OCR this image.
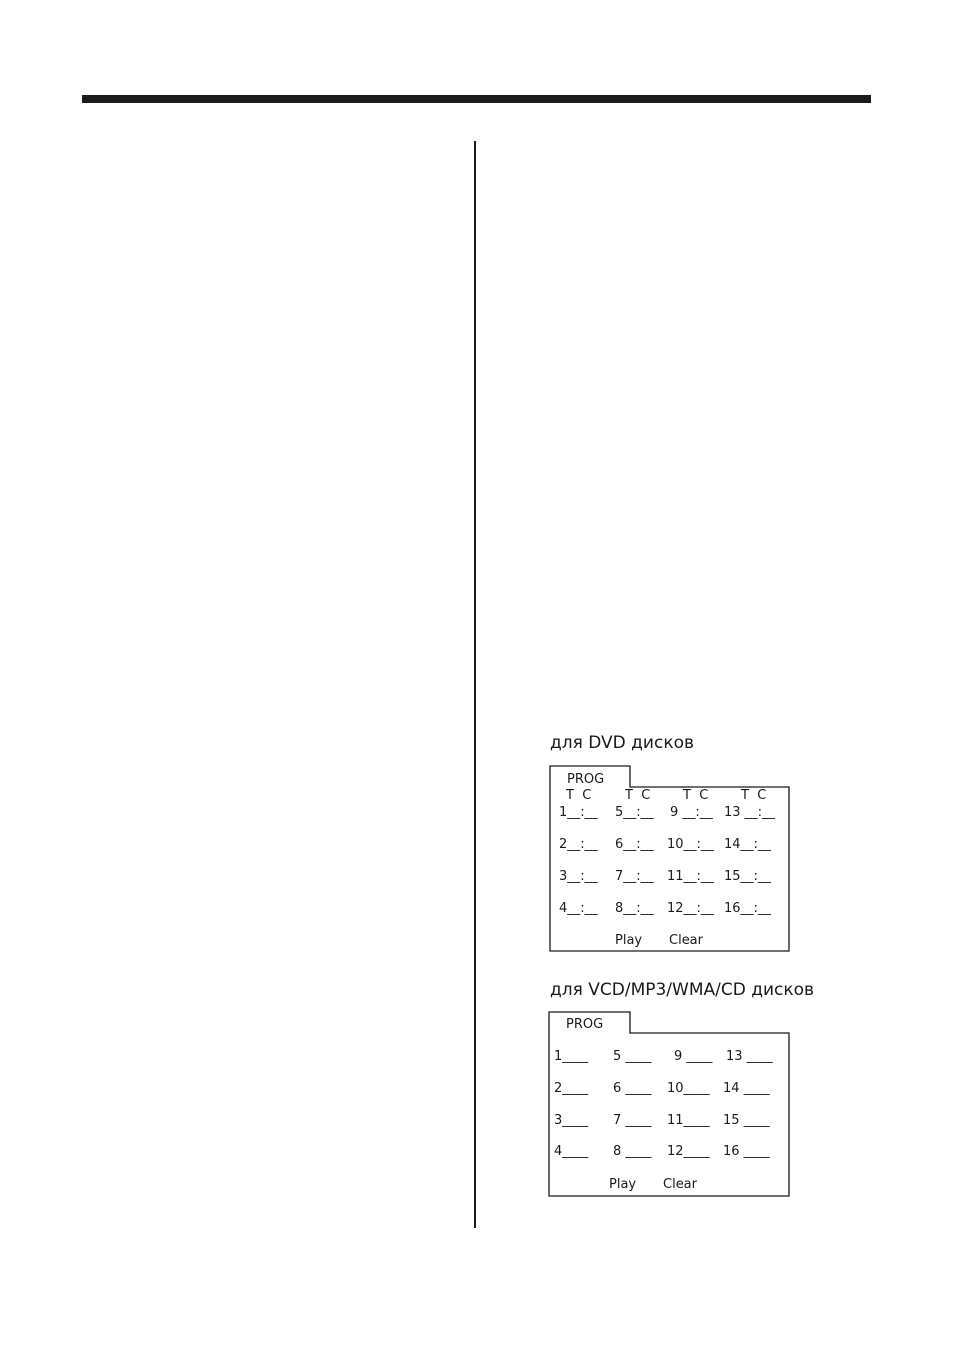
для DVD дисков
PROG
T  C	T  C	T  C	T  C
1__:__ 5__:__ 9 __:__ 13 __:__
2__:__ 6__:__ 10__:__ 14__:__
3__:__ 7__:__ 11__:__ 15__:__
4__:__ 8__:__ 12__:__ 16__:__
Play Clear
для VCD/MP3/WMA/CD дисков
PROG
1____ 5 ____ 9 ____ 13 ____
2____ 6 ____ 10____ 14 ____
3____ 7 ____ 11____ 15 ____
4____ 8 ____ 12____ 16 ____
Play Clear
